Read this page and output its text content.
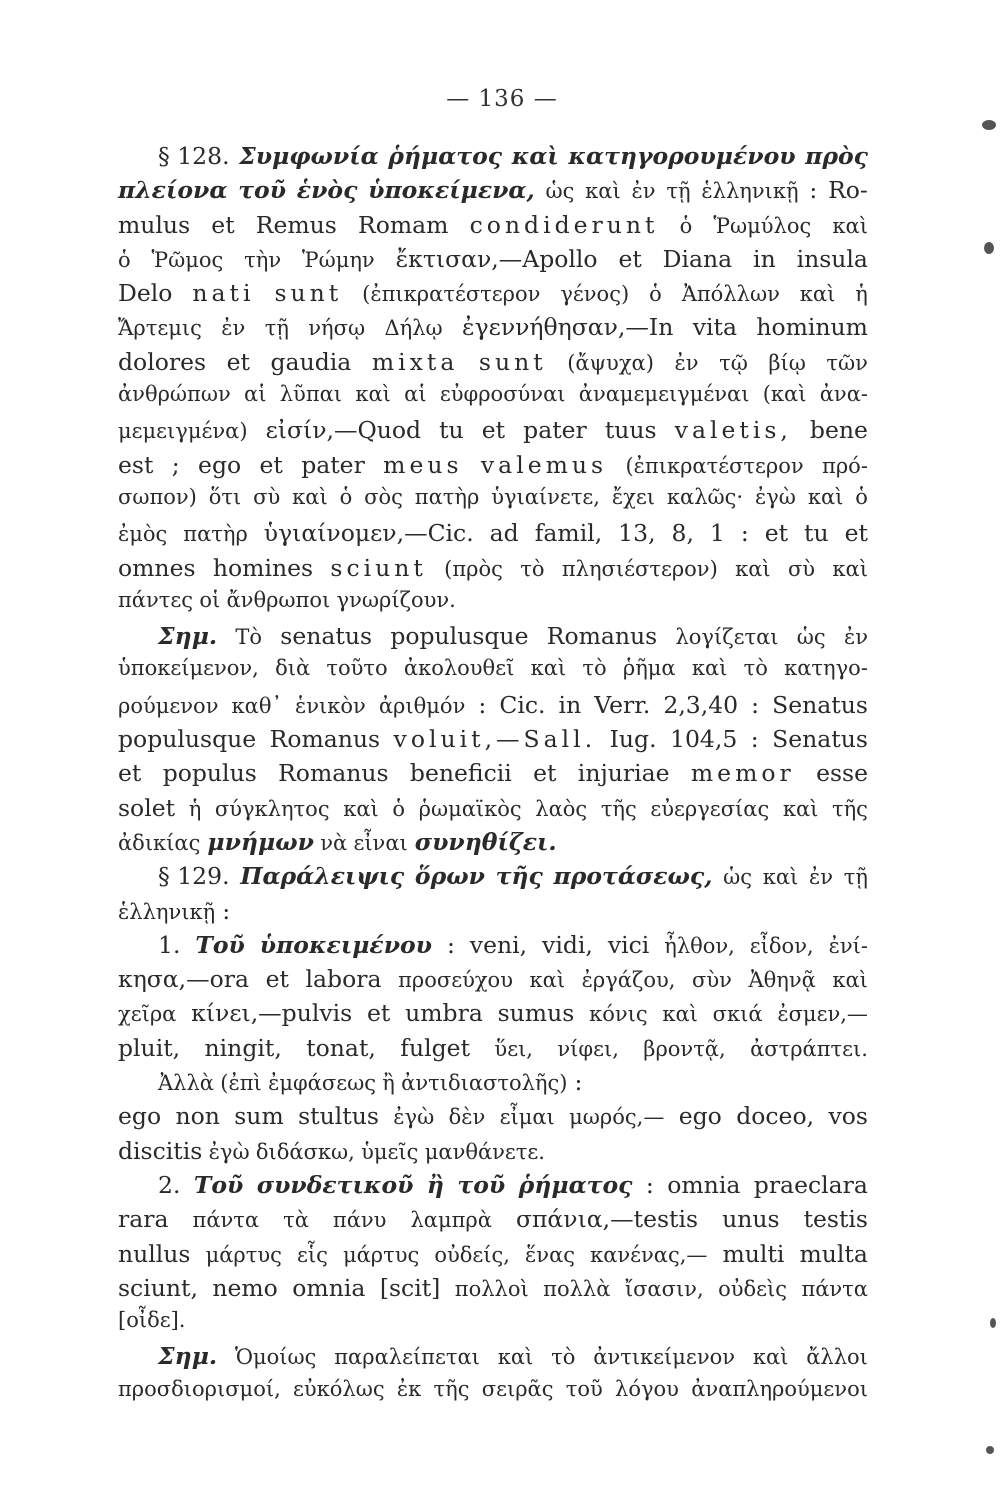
— 136 —
§ 128. Συμφωνία ῥήματος καὶ κατηγορουμένου πρὸς
πλείονα τοῦ ἑνὸς ὑποκείμενα, ὡς καὶ ἐν τῇ ἑλληνικῇ : Ro-
mulus et Remus Romam condiderunt ὁ Ῥωμύλος καὶ
ὁ Ῥῶμος τὴν Ῥώμην ἔκτισαν,—Apollo et Diana in insula
Delo nati sunt (ἐπικρατέστερον γένος) ὁ Ἀπόλλων καὶ ἡ
Ἄρτεμις ἐν τῇ νήσῳ Δήλῳ ἐγεννήθησαν,—In vita hominum
dolores et gaudia mixta sunt (ἄψυχα) ἐν τῷ βίῳ τῶν
ἀνθρώπων αἱ λῦπαι καὶ αἱ εὐφροσύναι ἀναμεμειγμέναι (καὶ ἀνα-
μεμειγμένα) εἰσίν,—Quod tu et pater tuus valetis, bene
est ; ego et pater meus valemus (ἐπικρατέστερον πρό-
σωπον) ὅτι σὺ καὶ ὁ σὸς πατὴρ ὑγιαίνετε, ἔχει καλῶς· ἐγὼ καὶ ὁ
ἐμὸς πατὴρ ὑγιαίνομεν,—Cic. ad famil, 13, 8, 1 : et tu et
omnes homines sciunt (πρὸς τὸ πλησιέστερον) καὶ σὺ καὶ
πάντες οἱ ἄνθρωποι γνωρίζουν.
Σημ. Τὸ senatus populusque Romanus λογίζεται ὡς ἐν
ὑποκείμενον, διὰ τοῦτο ἀκολουθεῖ καὶ τὸ ῥῆμα καὶ τὸ κατηγο-
ρούμενον καθ᾽ ἑνικὸν ἀριθμόν : Cic. in Verr. 2,3,40 : Senatus
populusque Romanus voluit,—Sall. Iug. 104,5 : Senatus
et populus Romanus beneficii et injuriae memor esse
solet ἡ σύγκλητος καὶ ὁ ῥωμαϊκὸς λαὸς τῆς εὐεργεσίας καὶ τῆς
ἀδικίας μνήμων νὰ εἶναι συνηθίζει.
§ 129. Παράλειψις ὅρων τῆς προτάσεως, ὡς καὶ ἐν τῇ
ἑλληνικῇ :
1. Τοῦ ὑποκειμένου : veni, vidi, vici ἦλθον, εἶδον, ἐνί-
κησα,—ora et labora προσεύχου καὶ ἐργάζου, σὺν Ἀθηνᾷ καὶ
χεῖρα κίνει,—pulvis et umbra sumus κόνις καὶ σκιά ἐσμεν,—
pluit, ningit, tonat, fulget ὕει, νίφει, βροντᾷ, ἀστράπτει.
Ἀλλὰ (ἐπὶ ἐμφάσεως ἢ ἀντιδιαστολῆς) :
ego non sum stultus ἐγὼ δὲν εἶμαι μωρός,— ego doceo, vos
discitis ἐγὼ διδάσκω, ὑμεῖς μανθάνετε.
2. Τοῦ συνδετικοῦ ἢ τοῦ ῥήματος : omnia praeclara
rara πάντα τὰ πάνυ λαμπρὰ σπάνια,—testis unus testis
nullus μάρτυς εἷς μάρτυς οὐδείς, ἕνας κανένας,— multi multa
sciunt, nemo omnia [scit] πολλοὶ πολλὰ ἴσασιν, οὐδεὶς πάντα
[οἶδε].
Σημ. Ὁμοίως παραλείπεται καὶ τὸ ἀντικείμενον καὶ ἄλλοι
προσδιορισμοί, εὐκόλως ἐκ τῆς σειρᾶς τοῦ λόγου ἀναπληρούμενοι
